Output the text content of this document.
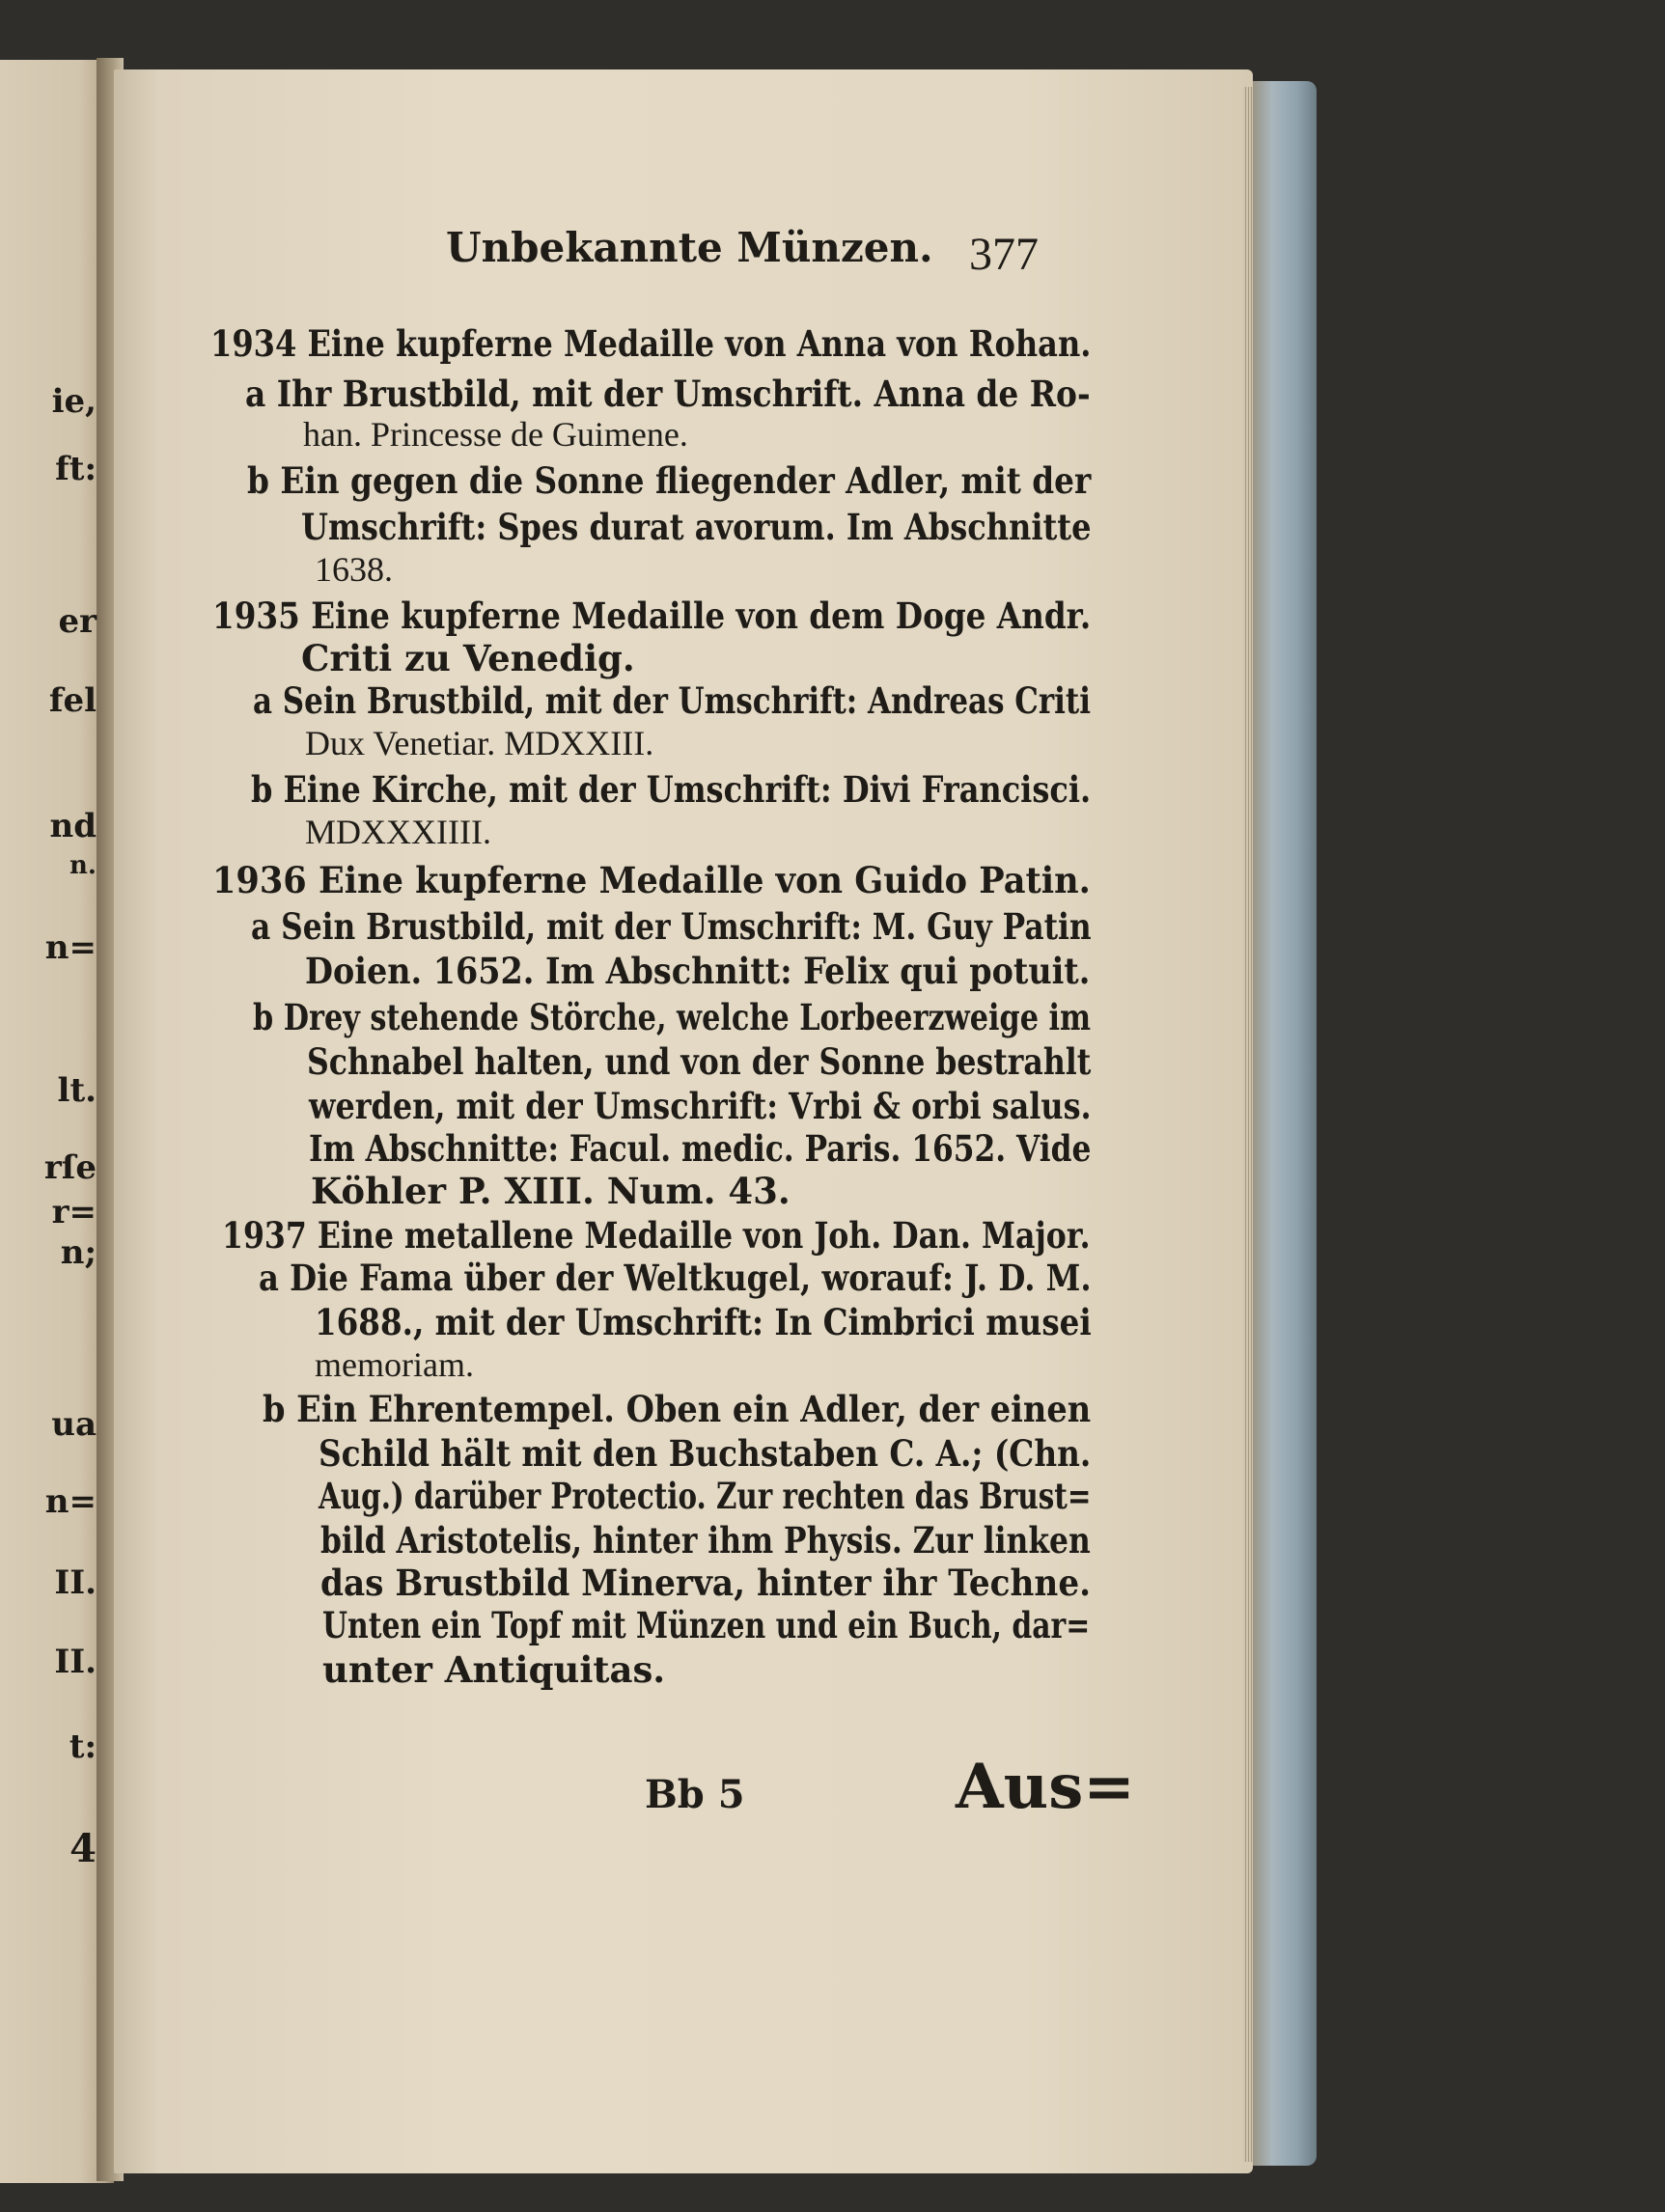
ie,
ft:
er
fel
nd
n.
n=
lt.
rſe
r=
n;
ua
n=
II.
II.
t:
4
Unbekannte Münzen. 377
1934 Eine kupferne Medaille von Anna von Rohan.
a Ihr Brustbild, mit der Umschrift. Anna de Ro-
han. Princesse de Guimene.
b Ein gegen die Sonne fliegender Adler, mit der
Umschrift: Spes durat avorum. Im Abschnitte
1638.
1935 Eine kupferne Medaille von dem Doge Andr.
Criti zu Venedig.
a Sein Brustbild, mit der Umschrift: Andreas Criti
Dux Venetiar. MDXXIII.
b Eine Kirche, mit der Umschrift: Divi Francisci.
MDXXXIIII.
1936 Eine kupferne Medaille von Guido Patin.
a Sein Brustbild, mit der Umschrift: M. Guy Patin
Doien. 1652. Im Abschnitt: Felix qui potuit.
b Drey stehende Störche, welche Lorbeerzweige im
Schnabel halten, und von der Sonne bestrahlt
werden, mit der Umschrift: Vrbi & orbi salus.
Im Abschnitte: Facul. medic. Paris. 1652. Vide
Köhler P. XIII. Num. 43.
1937 Eine metallene Medaille von Joh. Dan. Major.
a Die Fama über der Weltkugel, worauf: J. D. M.
1688., mit der Umschrift: In Cimbrici musei
memoriam.
b Ein Ehrentempel. Oben ein Adler, der einen
Schild hält mit den Buchstaben C. A.; (Chn.
Aug.) darüber Protectio. Zur rechten das Brust=
bild Aristotelis, hinter ihm Physis. Zur linken
das Brustbild Minerva, hinter ihr Techne.
Unten ein Topf mit Münzen und ein Buch, dar=
unter Antiquitas.
Bb 5	Aus=
